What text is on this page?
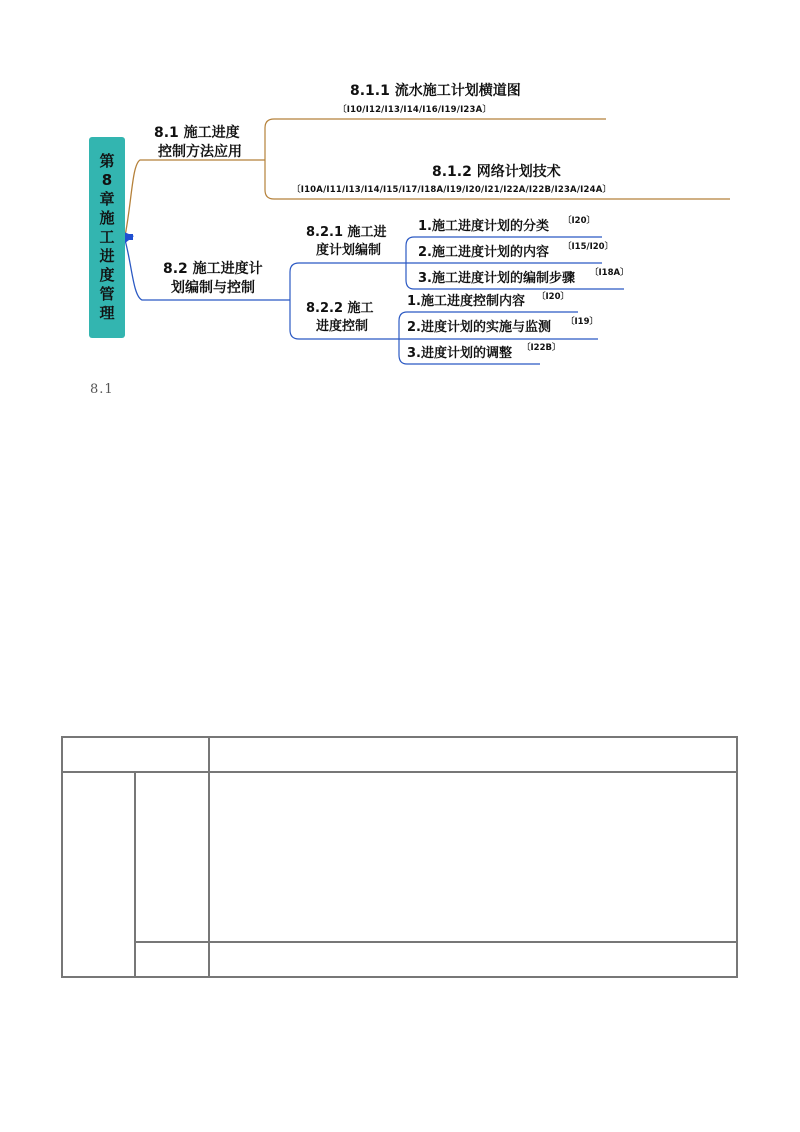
第8章施工进度管理
8.1 施工进度
控制方法应用
8.1.1 流水施工计划横道图
〔I10/I12/I13/I14/I16/I19/I23A〕
8.1.2 网络计划技术
〔I10A/I11/I13/I14/I15/I17/I18A/I19/I20/I21/I22A/I22B/I23A/I24A〕
8.2 施工进度计
划编制与控制
8.2.1 施工进
度计划编制
8.2.2 施工
进度控制
1.施工进度计划的分类 〔I20〕
2.施工进度计划的内容 〔I15/I20〕
3.施工进度计划的编制步骤 〔I18A〕
1.施工进度控制内容 〔I20〕
2.进度计划的实施与监测 〔I19〕
3.进度计划的调整 〔I22B〕
8.1
